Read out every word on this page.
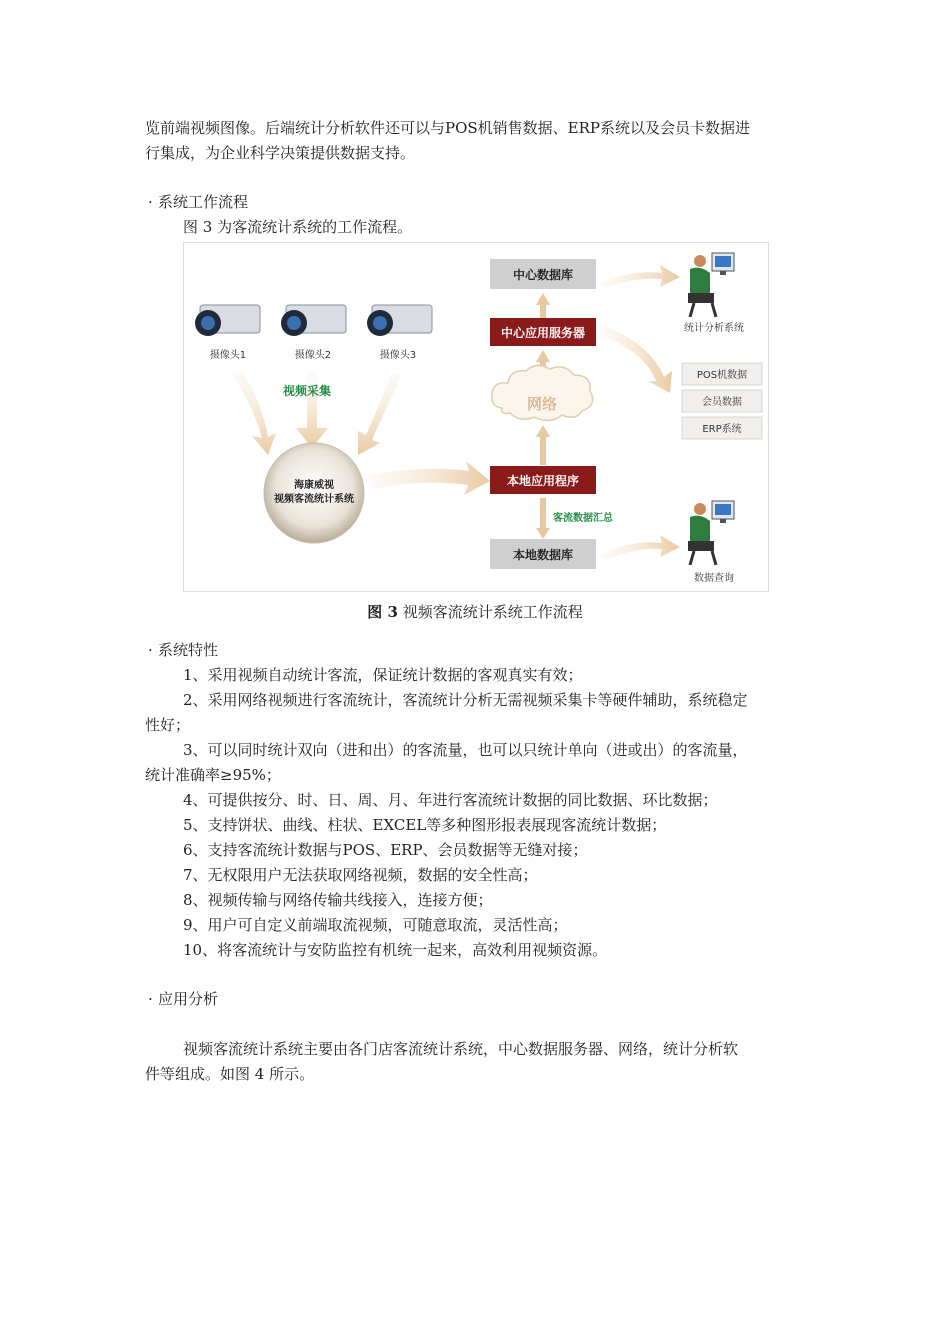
览前端视频图像。后端统计分析软件还可以与POS机销售数据、ERP系统以及会员卡数据进
行集成，为企业科学决策提供数据支持。
· 系统工作流程
图 3 为客流统计系统的工作流程。
摄像头1	摄像头2	摄像头3
视频采集
海康威视
视频客流统计系统
中心数据库
中心应用服务器
网络
本地应用程序
客流数据汇总
本地数据库
统计分析系统
POS机数据
会员数据
ERP系统
数据查询
图 3 视频客流统计系统工作流程
· 系统特性
1、采用视频自动统计客流，保证统计数据的客观真实有效；
2、采用网络视频进行客流统计，客流统计分析无需视频采集卡等硬件辅助，系统稳定
性好；
3、可以同时统计双向（进和出）的客流量，也可以只统计单向（进或出）的客流量，
统计准确率≥95%；
4、可提供按分、时、日、周、月、年进行客流统计数据的同比数据、环比数据；
5、支持饼状、曲线、柱状、EXCEL等多种图形报表展现客流统计数据；
6、支持客流统计数据与POS、ERP、会员数据等无缝对接；
7、无权限用户无法获取网络视频，数据的安全性高；
8、视频传输与网络传输共线接入，连接方便；
9、用户可自定义前端取流视频，可随意取流，灵活性高；
10、将客流统计与安防监控有机统一起来，高效利用视频资源。
· 应用分析
视频客流统计系统主要由各门店客流统计系统，中心数据服务器、网络，统计分析软
件等组成。如图 4 所示。
